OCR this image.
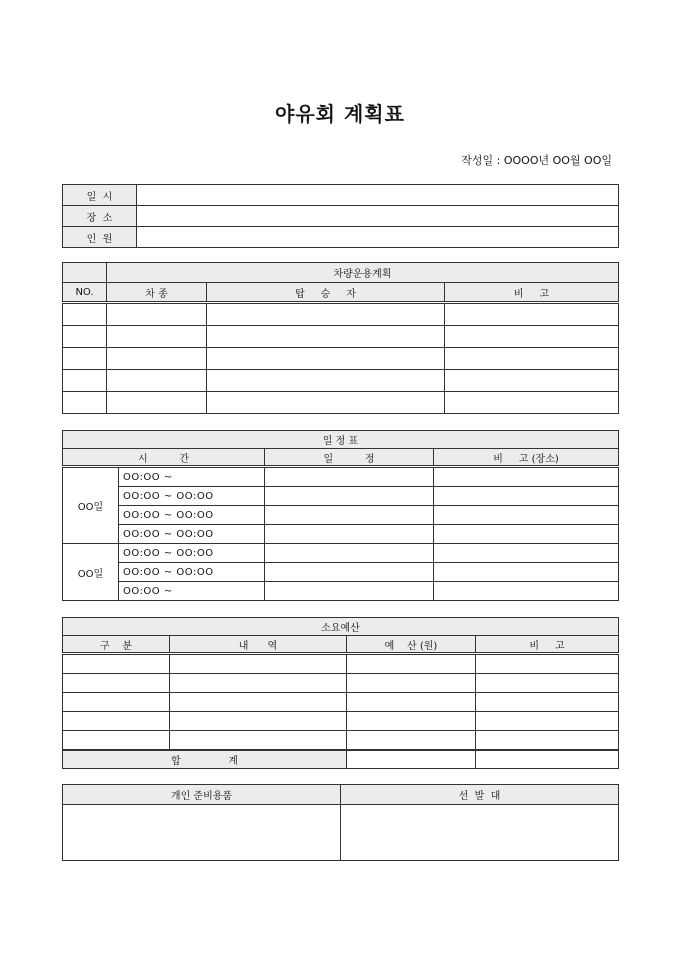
야유회 계획표
작성일 : OOOO년 OO월 OO일
일  시	
장  소	
인  원	
	차량운용계획		
NO.	차 종	탑     승     자	비     고

일 정 표			
시          간		일          정	비     고 (장소)
OO일	OO:OO ~		
	OO:OO ~ OO:OO		
	OO:OO ~ OO:OO		
	OO:OO ~ OO:OO		
OO일	OO:OO ~ OO:OO		
	OO:OO ~ OO:OO		
	OO:OO ~		
소요예산			
구    분	내      역	예    산 (원)	비     고

합               계			
개인 준비용품	선  발  대
